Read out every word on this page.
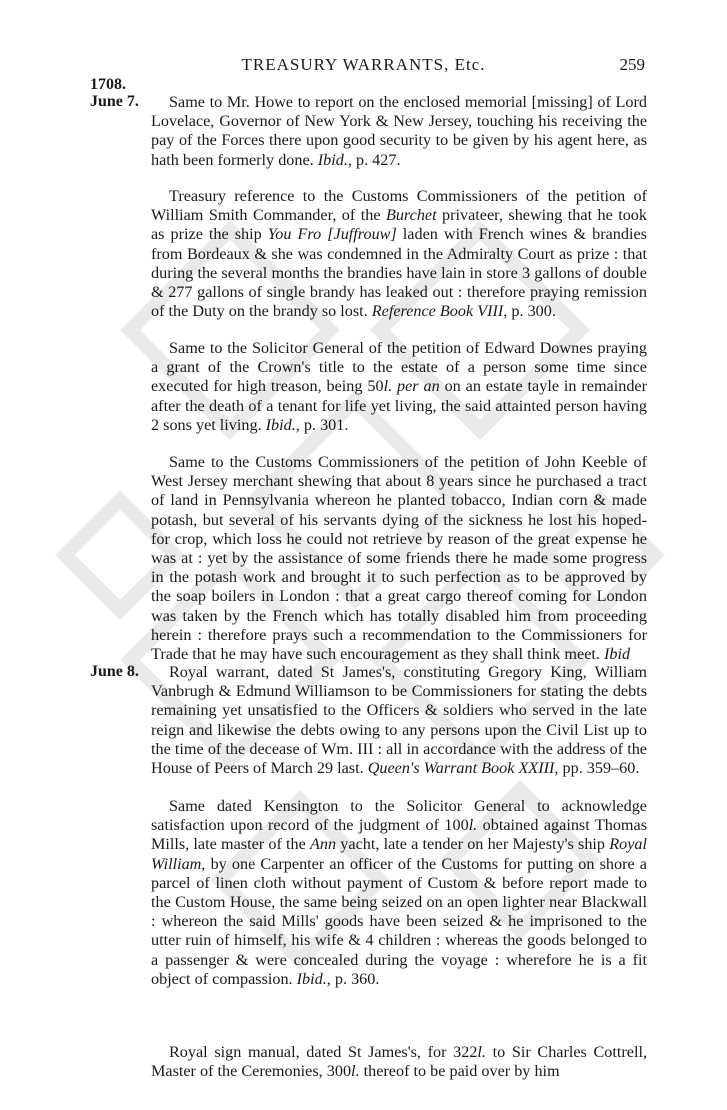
TREASURY WARRANTS, Etc.	259
1708.
June 7.	Same to Mr. Howe to report on the enclosed memorial [missing] of Lord Lovelace, Governor of New York & New Jersey, touching his receiving the pay of the Forces there upon good security to be given by his agent here, as hath been formerly done. Ibid., p. 427.

Treasury reference to the Customs Commissioners of the petition of William Smith Commander, of the Burchet privateer, shewing that he took as prize the ship You Fro [Juffrouw] laden with French wines & brandies from Bordeaux & she was condemned in the Admiralty Court as prize : that during the several months the brandies have lain in store 3 gallons of double & 277 gallons of single brandy has leaked out : therefore praying remission of the Duty on the brandy so lost. Reference Book VIII, p. 300.

Same to the Solicitor General of the petition of Edward Downes praying a grant of the Crown's title to the estate of a person some time since executed for high treason, being 50l. per an on an estate tayle in remainder after the death of a tenant for life yet living, the said attainted person having 2 sons yet living. Ibid., p. 301.

Same to the Customs Commissioners of the petition of John Keeble of West Jersey merchant shewing that about 8 years since he purchased a tract of land in Pennsylvania whereon he planted tobacco, Indian corn & made potash, but several of his servants dying of the sickness he lost his hoped-for crop, which loss he could not retrieve by reason of the great expense he was at : yet by the assistance of some friends there he made some progress in the potash work and brought it to such perfection as to be approved by the soap boilers in London : that a great cargo thereof coming for London was taken by the French which has totally disabled him from proceeding herein : therefore prays such a recommendation to the Commissioners for Trade that he may have such encouragement as they shall think meet. Ibid

June 8.	Royal warrant, dated St James's, constituting Gregory King, William Vanbrugh & Edmund Williamson to be Commissioners for stating the debts remaining yet unsatisfied to the Officers & soldiers who served in the late reign and likewise the debts owing to any persons upon the Civil List up to the time of the decease of Wm. III : all in accordance with the address of the House of Peers of March 29 last. Queen's Warrant Book XXIII, pp. 359–60.

Same dated Kensington to the Solicitor General to acknowledge satisfaction upon record of the judgment of 100l. obtained against Thomas Mills, late master of the Ann yacht, late a tender on her Majesty's ship Royal William, by one Carpenter an officer of the Customs for putting on shore a parcel of linen cloth without payment of Custom & before report made to the Custom House, the same being seized on an open lighter near Blackwall : whereon the said Mills' goods have been seized & he imprisoned to the utter ruin of himself, his wife & 4 children : whereas the goods belonged to a passenger & were concealed during the voyage : wherefore he is a fit object of compassion. Ibid., p. 360.

Royal sign manual, dated St James's, for 322l. to Sir Charles Cottrell, Master of the Ceremonies, 300l. thereof to be paid over by him
